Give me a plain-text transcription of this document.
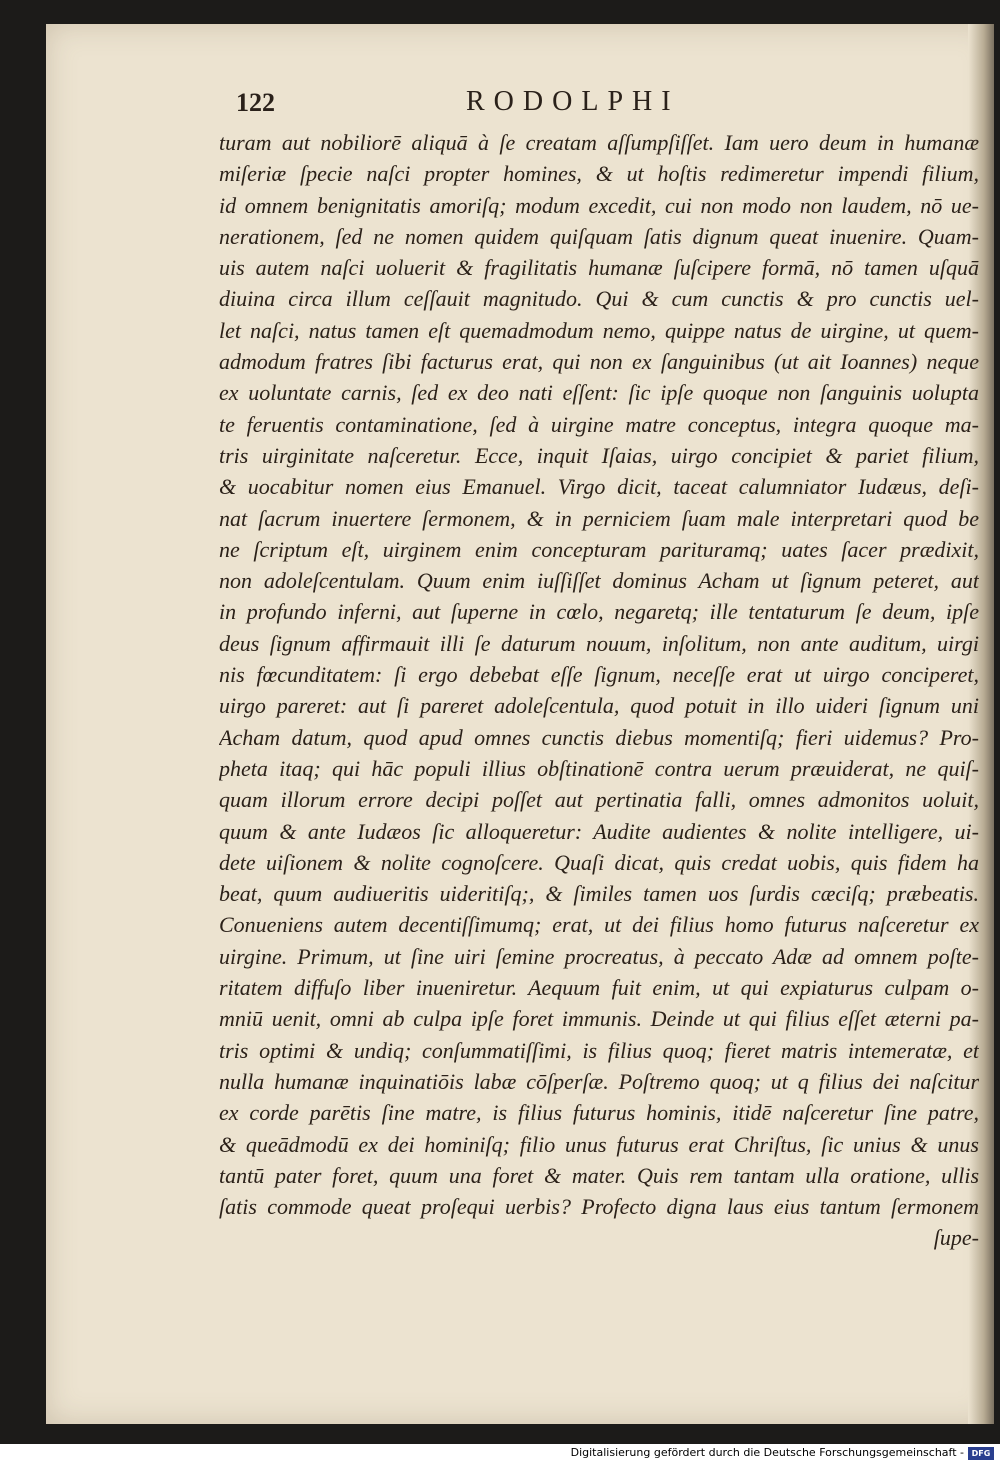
122	RODOLPHI
turam aut nobiliorē aliquā à ſe creatam aſſumpſiſſet. Iam uero deum in humanæ
miſeriæ ſpecie naſci propter homines, & ut hoſtis redimeretur impendi filium,
id omnem benignitatis amoriſq; modum excedit, cui non modo non laudem, nō ue-
nerationem, ſed ne nomen quidem quiſquam ſatis dignum queat inuenire. Quam-
uis autem naſci uoluerit & fragilitatis humanæ ſuſcipere formā, nō tamen uſquā
diuina circa illum ceſſauit magnitudo. Qui & cum cunctis & pro cunctis uel-
let naſci, natus tamen eſt quemadmodum nemo, quippe natus de uirgine, ut quem-
admodum fratres ſibi facturus erat, qui non ex ſanguinibus (ut ait Ioannes) neque
ex uoluntate carnis, ſed ex deo nati eſſent: ſic ipſe quoque non ſanguinis uolupta
te feruentis contaminatione, ſed à uirgine matre conceptus, integra quoque ma-
tris uirginitate naſceretur. Ecce, inquit Iſaias, uirgo concipiet & pariet filium,
& uocabitur nomen eius Emanuel. Virgo dicit, taceat calumniator Iudæus, deſi-
nat ſacrum inuertere ſermonem, & in perniciem ſuam male interpretari quod be
ne ſcriptum eſt, uirginem enim concepturam parituramq; uates ſacer prædixit,
non adoleſcentulam. Quum enim iuſſiſſet dominus Acham ut ſignum peteret, aut
in profundo inferni, aut ſuperne in cœlo, negaretq; ille tentaturum ſe deum, ipſe
deus ſignum affirmauit illi ſe daturum nouum, inſolitum, non ante auditum, uirgi
nis fœcunditatem: ſi ergo debebat eſſe ſignum, neceſſe erat ut uirgo conciperet,
uirgo pareret: aut ſi pareret adoleſcentula, quod potuit in illo uideri ſignum uni
Acham datum, quod apud omnes cunctis diebus momentiſq; fieri uidemus? Pro-
pheta itaq; qui hāc populi illius obſtinationē contra uerum præuiderat, ne quiſ-
quam illorum errore decipi poſſet aut pertinatia falli, omnes admonitos uoluit,
quum & ante Iudæos ſic alloqueretur: Audite audientes & nolite intelligere, ui-
dete uiſionem & nolite cognoſcere. Quaſi dicat, quis credat uobis, quis fidem ha
beat, quum audiueritis uideritiſq;, & ſimiles tamen uos ſurdis cæciſq; præbeatis.
Conueniens autem decentiſſimumq; erat, ut dei filius homo futurus naſceretur ex
uirgine. Primum, ut ſine uiri ſemine procreatus, à peccato Adæ ad omnem poſte-
ritatem diffuſo liber inueniretur. Aequum fuit enim, ut qui expiaturus culpam o-
mniū uenit, omni ab culpa ipſe foret immunis. Deinde ut qui filius eſſet æterni pa-
tris optimi & undiq; conſummatiſſimi, is filius quoq; fieret matris intemeratæ, et
nulla humanæ inquinatiōis labæ cōſperſæ. Poſtremo quoq; ut q filius dei naſcitur
ex corde parētis ſine matre, is filius futurus hominis, itidē naſceretur ſine patre,
& queādmodū ex dei hominiſq; filio unus futurus erat Chriſtus, ſic unius & unus
tantū pater foret, quum una foret & mater. Quis rem tantam ulla oratione, ullis
ſatis commode queat proſequi uerbis? Profecto digna laus eius tantum ſermonem
ſupe-
Digitalisierung gefördert durch die Deutsche Forschungsgemeinschaft - DFG
